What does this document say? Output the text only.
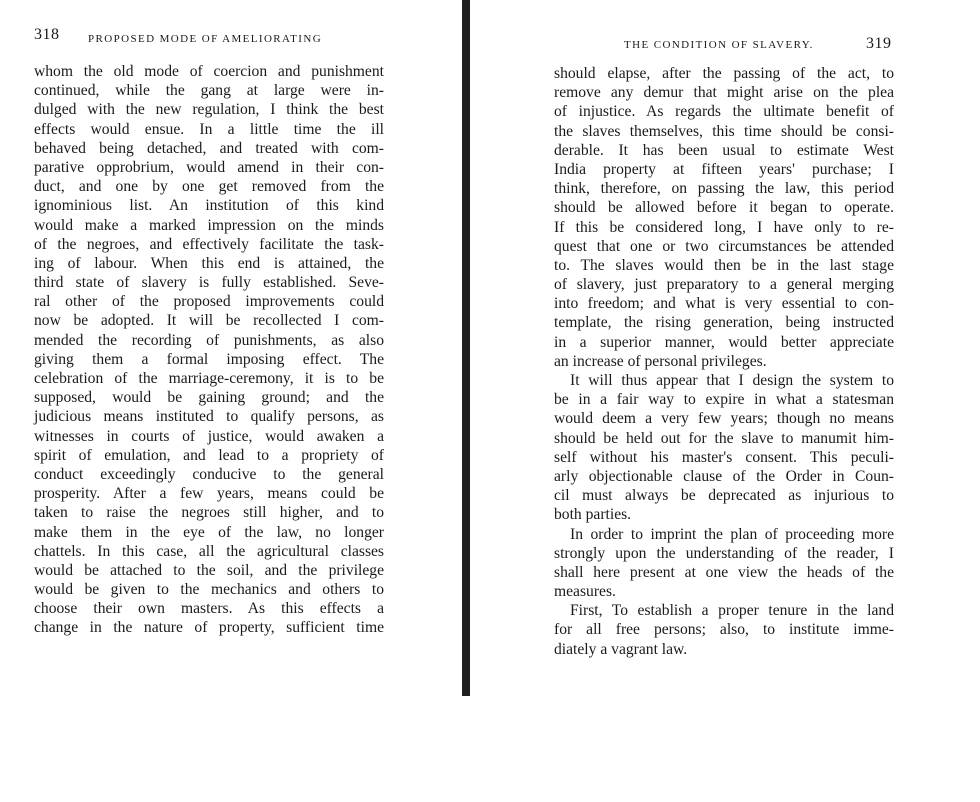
318	PROPOSED MODE OF AMELIORATING
whom the old mode of coercion and punishment
continued, while the gang at large were in-
dulged with the new regulation, I think the best
effects would ensue. In a little time the ill
behaved being detached, and treated with com-
parative opprobrium, would amend in their con-
duct, and one by one get removed from the
ignominious list. An institution of this kind
would make a marked impression on the minds
of the negroes, and effectively facilitate the task-
ing of labour. When this end is attained, the
third state of slavery is fully established. Seve-
ral other of the proposed improvements could
now be adopted. It will be recollected I com-
mended the recording of punishments, as also
giving them a formal imposing effect. The
celebration of the marriage-ceremony, it is to be
supposed, would be gaining ground; and the
judicious means instituted to qualify persons, as
witnesses in courts of justice, would awaken a
spirit of emulation, and lead to a propriety of
conduct exceedingly conducive to the general
prosperity. After a few years, means could be
taken to raise the negroes still higher, and to
make them in the eye of the law, no longer
chattels. In this case, all the agricultural classes
would be attached to the soil, and the privilege
would be given to the mechanics and others to
choose their own masters. As this effects a
change in the nature of property, sufficient time
THE CONDITION OF SLAVERY.	319
should elapse, after the passing of the act, to
remove any demur that might arise on the plea
of injustice. As regards the ultimate benefit of
the slaves themselves, this time should be consi-
derable. It has been usual to estimate West
India property at fifteen years' purchase; I
think, therefore, on passing the law, this period
should be allowed before it began to operate.
If this be considered long, I have only to re-
quest that one or two circumstances be attended
to. The slaves would then be in the last stage
of slavery, just preparatory to a general merging
into freedom; and what is very essential to con-
template, the rising generation, being instructed
in a superior manner, would better appreciate
an increase of personal privileges.
It will thus appear that I design the system to
be in a fair way to expire in what a statesman
would deem a very few years; though no means
should be held out for the slave to manumit him-
self without his master's consent. This peculi-
arly objectionable clause of the Order in Coun-
cil must always be deprecated as injurious to
both parties.
In order to imprint the plan of proceeding more
strongly upon the understanding of the reader, I
shall here present at one view the heads of the
measures.
First, To establish a proper tenure in the land
for all free persons; also, to institute imme-
diately a vagrant law.
